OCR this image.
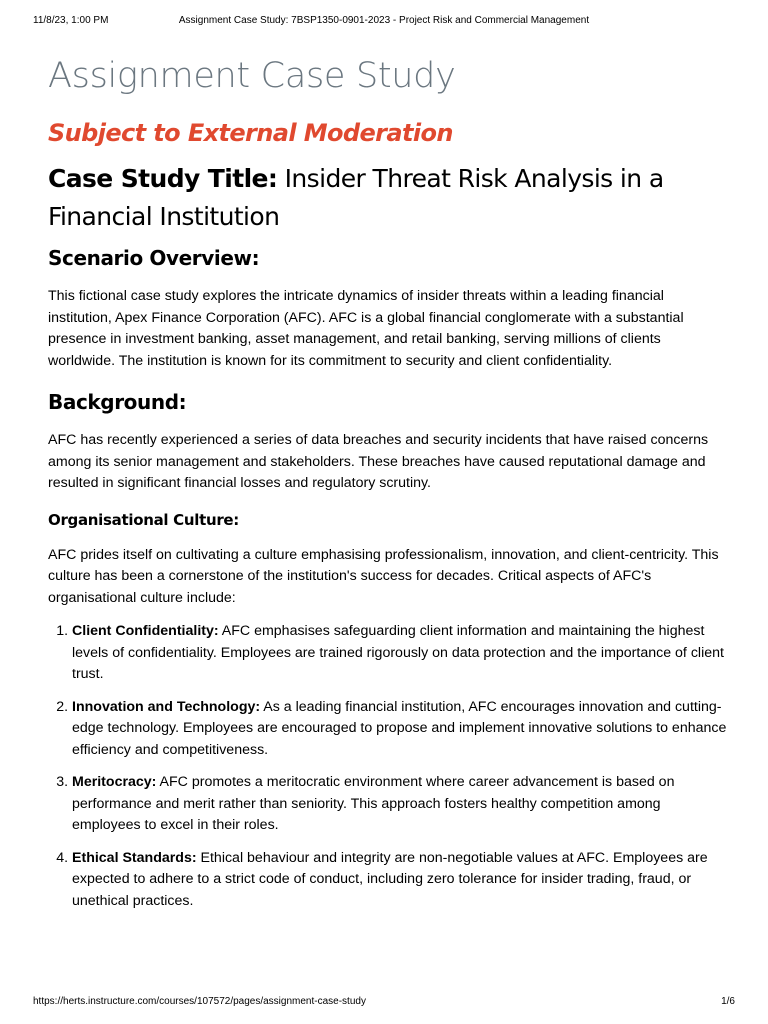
11/8/23, 1:00 PM	Assignment Case Study: 7BSP1350-0901-2023 - Project Risk and Commercial Management
Assignment Case Study
Subject to External Moderation
Case Study Title: Insider Threat Risk Analysis in a Financial Institution
Scenario Overview:

This fictional case study explores the intricate dynamics of insider threats within a leading financial institution, Apex Finance Corporation (AFC). AFC is a global financial conglomerate with a substantial presence in investment banking, asset management, and retail banking, serving millions of clients worldwide. The institution is known for its commitment to security and client confidentiality.

Background:

AFC has recently experienced a series of data breaches and security incidents that have raised concerns among its senior management and stakeholders. These breaches have caused reputational damage and resulted in significant financial losses and regulatory scrutiny.

Organisational Culture:

AFC prides itself on cultivating a culture emphasising professionalism, innovation, and client-centricity. This culture has been a cornerstone of the institution's success for decades. Critical aspects of AFC's organisational culture include:

1. Client Confidentiality: AFC emphasises safeguarding client information and maintaining the highest levels of confidentiality. Employees are trained rigorously on data protection and the importance of client trust.
2. Innovation and Technology: As a leading financial institution, AFC encourages innovation and cutting-edge technology. Employees are encouraged to propose and implement innovative solutions to enhance efficiency and competitiveness.
3. Meritocracy: AFC promotes a meritocratic environment where career advancement is based on performance and merit rather than seniority. This approach fosters healthy competition among employees to excel in their roles.
4. Ethical Standards: Ethical behaviour and integrity are non-negotiable values at AFC. Employees are expected to adhere to a strict code of conduct, including zero tolerance for insider trading, fraud, or unethical practices.
https://herts.instructure.com/courses/107572/pages/assignment-case-study	1/6
